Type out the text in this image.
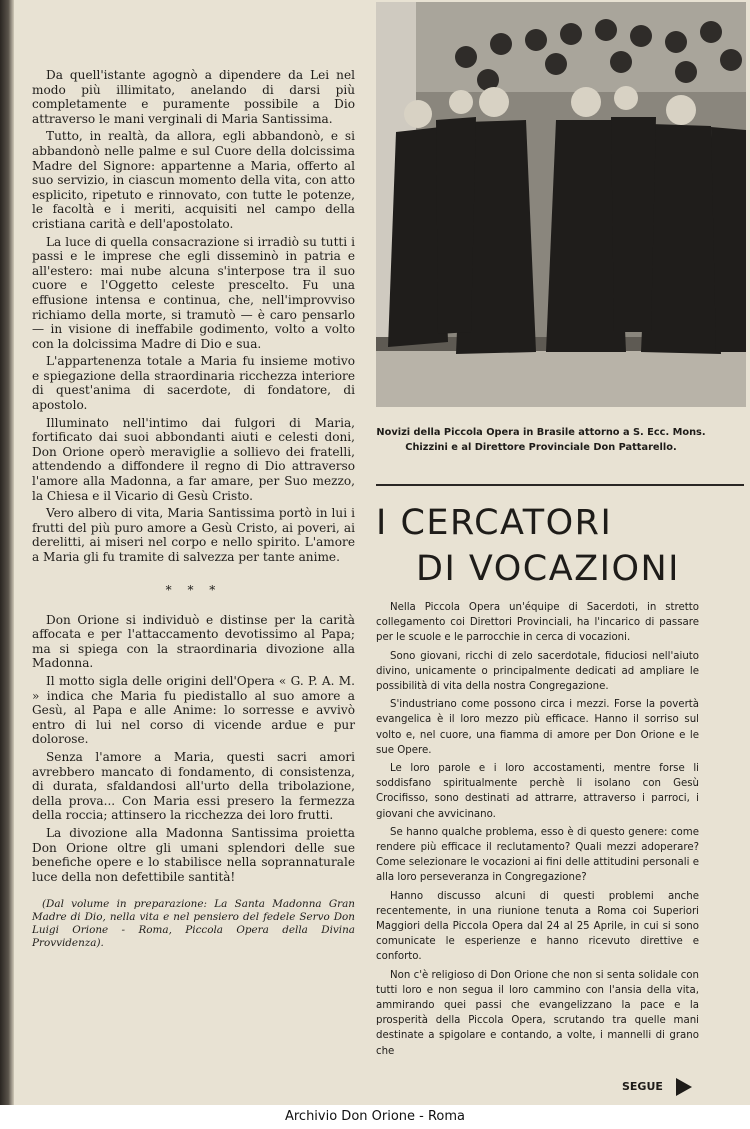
Da quell'istante agognò a dipendere da Lei nel modo più illimitato, anelando di darsi più completamente e puramente possibile a Dio attraverso le mani verginali di Maria Santissima.

Tutto, in realtà, da allora, egli abbandonò, e si abbandonò nelle palme e sul Cuore della dolcissima Madre del Signore: appartenne a Maria, offerto al suo servizio, in ciascun momento della vita, con atto esplicito, ripetuto e rinnovato, con tutte le potenze, le facoltà e i meriti, acquisiti nel campo della cristiana carità e dell'apostolato.

La luce di quella consacrazione si irradiò su tutti i passi e le imprese che egli disseminò in patria e all'estero: mai nube alcuna s'interpose tra il suo cuore e l'Oggetto celeste prescelto. Fu una effusione intensa e continua, che, nell'improvviso richiamo della morte, si tramutò — è caro pensarlo — in visione di ineffabile godimento, volto a volto con la dolcissima Madre di Dio e sua.

L'appartenenza totale a Maria fu insieme motivo e spiegazione della straordinaria ricchezza interiore di quest'anima di sacerdote, di fondatore, di apostolo.

Illuminato nell'intimo dai fulgori di Maria, fortificato dai suoi abbondanti aiuti e celesti doni, Don Orione operò meraviglie a sollievo dei fratelli, attendendo a diffondere il regno di Dio attraverso l'amore alla Madonna, a far amare, per Suo mezzo, la Chiesa e il Vicario di Gesù Cristo.

Vero albero di vita, Maria Santissima portò in lui i frutti del più puro amore a Gesù Cristo, ai poveri, ai derelitti, ai miseri nel corpo e nello spirito. L'amore a Maria gli fu tramite di salvezza per tante anime.

* * *

Don Orione si individuò e distinse per la carità affocata e per l'attaccamento devotissimo al Papa; ma si spiega con la straordinaria divozione alla Madonna.

Il motto sigla delle origini dell'Opera « G. P. A. M. » indica che Maria fu piedistallo al suo amore a Gesù, al Papa e alle Anime: lo sorresse e avvivò entro di lui nel corso di vicende ardue e pur dolorose.

Senza l'amore a Maria, questi sacri amori avrebbero mancato di fondamento, di consistenza, di durata, sfaldandosi all'urto della tribolazione, della prova... Con Maria essi presero la fermezza della roccia; attinsero la ricchezza dei loro frutti.

La divozione alla Madonna Santissima proietta Don Orione oltre gli umani splendori delle sue benefiche opere e lo stabilisce nella soprannaturale luce della non defettibile santità!

(Dal volume in preparazione: La Santa Madonna Gran Madre di Dio, nella vita e nel pensiero del fedele Servo Don Luigi Orione - Roma, Piccola Opera della Divina Provvidenza).

Novizi della Piccola Opera in Brasile attorno a S. Ecc. Mons. Chizzini e al Direttore Provinciale Don Pattarello.
I CERCATORI
DI VOCAZIONI

Nella Piccola Opera un'équipe di Sacerdoti, in stretto collegamento coi Direttori Provinciali, ha l'incarico di passare per le scuole e le parrocchie in cerca di vocazioni.

Sono giovani, ricchi di zelo sacerdotale, fiduciosi nell'aiuto divino, unicamente o principalmente dedicati ad ampliare le possibilità di vita della nostra Congregazione.

S'industriano come possono circa i mezzi. Forse la povertà evangelica è il loro mezzo più efficace. Hanno il sorriso sul volto e, nel cuore, una fiamma di amore per Don Orione e le sue Opere.

Le loro parole e i loro accostamenti, mentre forse li soddisfano spiritualmente perchè li isolano con Gesù Crocifisso, sono destinati ad attrarre, attraverso i parroci, i giovani che avvicinano.

Se hanno qualche problema, esso è di questo genere: come rendere più efficace il reclutamento? Quali mezzi adoperare? Come selezionare le vocazioni ai fini delle attitudini personali e alla loro perseveranza in Congregazione?

Hanno discusso alcuni di questi problemi anche recentemente, in una riunione tenuta a Roma coi Superiori Maggiori della Piccola Opera dal 24 al 25 Aprile, in cui si sono comunicate le esperienze e hanno ricevuto direttive e conforto.

Non c'è religioso di Don Orione che non si senta solidale con tutti loro e non segua il loro cammino con l'ansia della vita, ammirando quei passi che evangelizzano la pace e la prosperità della Piccola Opera, scrutando tra quelle mani destinate a spigolare e contando, a volte, i mannelli di grano che

SEGUE
Archivio Don Orione - Roma
